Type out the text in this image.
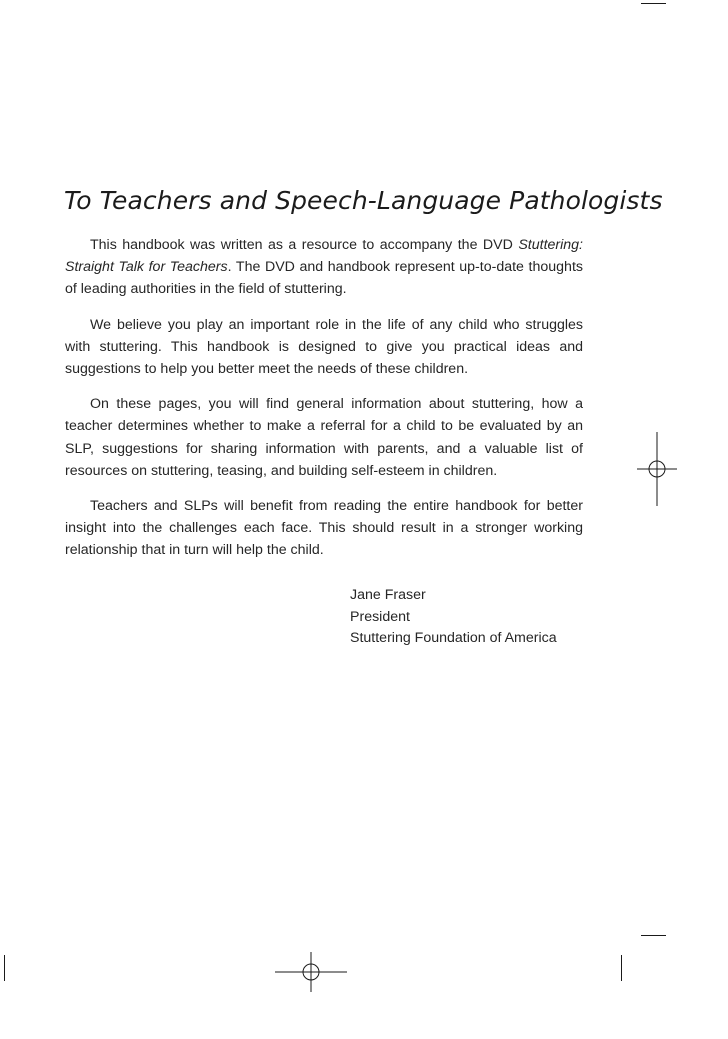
To Teachers and Speech-Language Pathologists

This handbook was written as a resource to accompany the DVD Stuttering: Straight Talk for Teachers. The DVD and handbook represent up-to-date thoughts of leading authorities in the field of stuttering.

We believe you play an important role in the life of any child who struggles with stuttering. This handbook is designed to give you practical ideas and suggestions to help you better meet the needs of these children.

On these pages, you will find general information about stuttering, how a teacher determines whether to make a referral for a child to be evaluated by an SLP, suggestions for sharing information with parents, and a valuable list of resources on stuttering, teasing, and building self-esteem in children.

Teachers and SLPs will benefit from reading the entire handbook for better insight into the challenges each face. This should result in a stronger working relationship that in turn will help the child.

Jane Fraser
President
Stuttering Foundation of America
